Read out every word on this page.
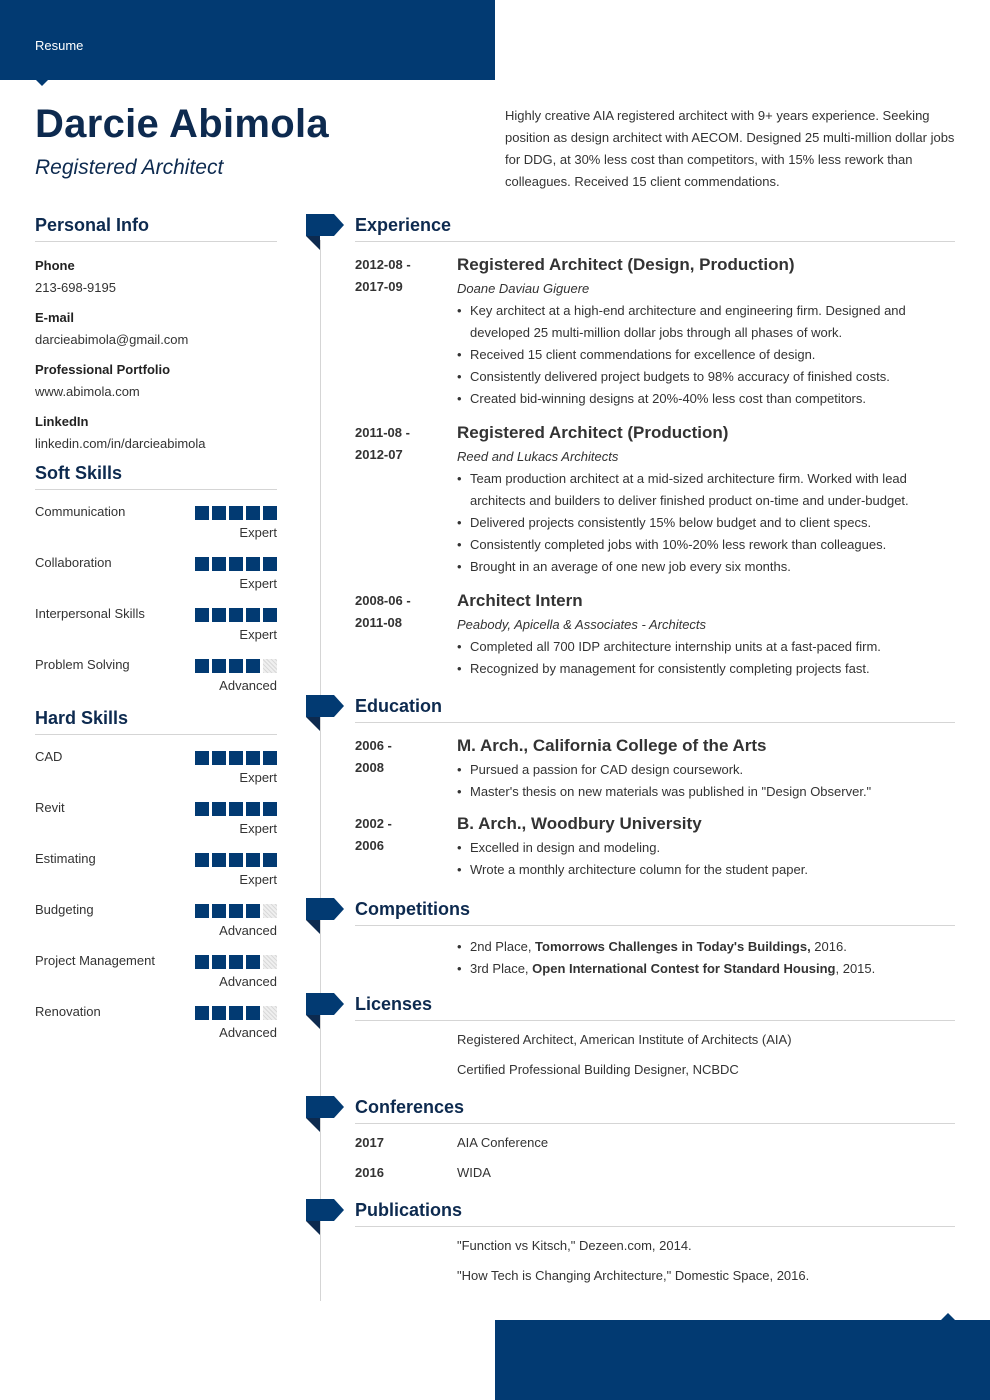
Resume
Darcie Abimola
Registered Architect
Highly creative AIA registered architect with 9+ years experience. Seeking position as design architect with AECOM. Designed 25 multi-million dollar jobs for DDG, at 30% less cost than competitors, with 15% less rework than colleagues. Received 15 client commendations.
Personal Info
Phone
213-698-9195
E-mail
darcieabimola@gmail.com
Professional Portfolio
www.abimola.com
LinkedIn
linkedin.com/in/darcieabimola
Soft Skills
Communication
Expert
Collaboration
Expert
Interpersonal Skills
Expert
Problem Solving
Advanced
Hard Skills
CAD
Expert
Revit
Expert
Estimating
Expert
Budgeting
Advanced
Project Management
Advanced
Renovation
Advanced
Experience
2012-08 -
2017-09
Registered Architect (Design, Production)
Doane Daviau Giguere
• Key architect at a high-end architecture and engineering firm. Designed and developed 25 multi-million dollar jobs through all phases of work.
• Received 15 client commendations for excellence of design.
• Consistently delivered project budgets to 98% accuracy of finished costs.
• Created bid-winning designs at 20%-40% less cost than competitors.
2011-08 -
2012-07
Registered Architect (Production)
Reed and Lukacs Architects
• Team production architect at a mid-sized architecture firm. Worked with lead architects and builders to deliver finished product on-time and under-budget.
• Delivered projects consistently 15% below budget and to client specs.
• Consistently completed jobs with 10%-20% less rework than colleagues.
• Brought in an average of one new job every six months.
2008-06 -
2011-08
Architect Intern
Peabody, Apicella & Associates - Architects
• Completed all 700 IDP architecture internship units at a fast-paced firm.
• Recognized by management for consistently completing projects fast.
Education
2006 -
2008
M. Arch., California College of the Arts
• Pursued a passion for CAD design coursework.
• Master's thesis on new materials was published in "Design Observer."
2002 -
2006
B. Arch., Woodbury University
• Excelled in design and modeling.
• Wrote a monthly architecture column for the student paper.
Competitions
• 2nd Place, Tomorrows Challenges in Today's Buildings, 2016.
• 3rd Place, Open International Contest for Standard Housing, 2015.
Licenses
Registered Architect, American Institute of Architects (AIA)
Certified Professional Building Designer, NCBDC
Conferences
2017	AIA Conference
2016	WIDA
Publications
"Function vs Kitsch," Dezeen.com, 2014.
"How Tech is Changing Architecture," Domestic Space, 2016.
